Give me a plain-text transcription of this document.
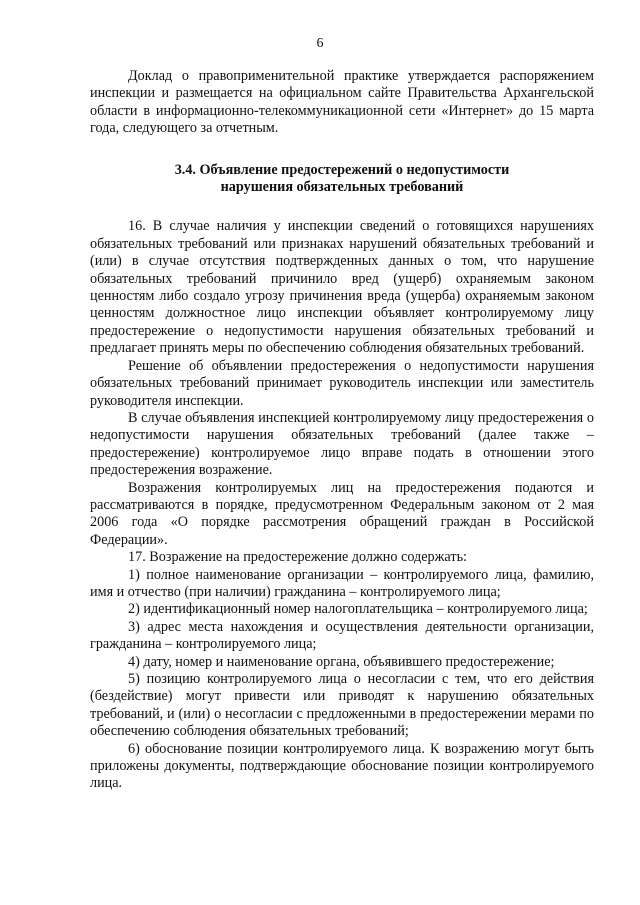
6

Доклад о правоприменительной практике утверждается распоряжением инспекции и размещается на официальном сайте Правительства Архангельской области в информационно-телекоммуникационной сети «Интернет» до 15 марта года, следующего за отчетным.

3.4. Объявление предостережений о недопустимости
нарушения обязательных требований

16. В случае наличия у инспекции сведений о готовящихся нарушениях обязательных требований или признаках нарушений обязательных требований и (или) в случае отсутствия подтвержденных данных о том, что нарушение обязательных требований причинило вред (ущерб) охраняемым законом ценностям либо создало угрозу причинения вреда (ущерба) охраняемым законом ценностям должностное лицо инспекции объявляет контролируемому лицу предостережение о недопустимости нарушения обязательных требований и предлагает принять меры по обеспечению соблюдения обязательных требований.

Решение об объявлении предостережения о недопустимости нарушения обязательных требований принимает руководитель инспекции или заместитель руководителя инспекции.

В случае объявления инспекцией контролируемому лицу предостережения о недопустимости нарушения обязательных требований (далее также – предостережение) контролируемое лицо вправе подать в отношении этого предостережения возражение.

Возражения контролируемых лиц на предостережения подаются и рассматриваются в порядке, предусмотренном Федеральным законом от 2 мая 2006 года «О порядке рассмотрения обращений граждан в Российской Федерации».

17. Возражение на предостережение должно содержать:

1) полное наименование организации – контролируемого лица, фамилию, имя и отчество (при наличии) гражданина – контролируемого лица;

2) идентификационный номер налогоплательщика – контролируемого лица;

3) адрес места нахождения и осуществления деятельности организации, гражданина – контролируемого лица;

4) дату, номер и наименование органа, объявившего предостережение;

5) позицию контролируемого лица о несогласии с тем, что его действия (бездействие) могут привести или приводят к нарушению обязательных требований, и (или) о несогласии с предложенными в предостережении мерами по обеспечению соблюдения обязательных требований;

6) обоснование позиции контролируемого лица. К возражению могут быть приложены документы, подтверждающие обоснование позиции контролируемого лица.
